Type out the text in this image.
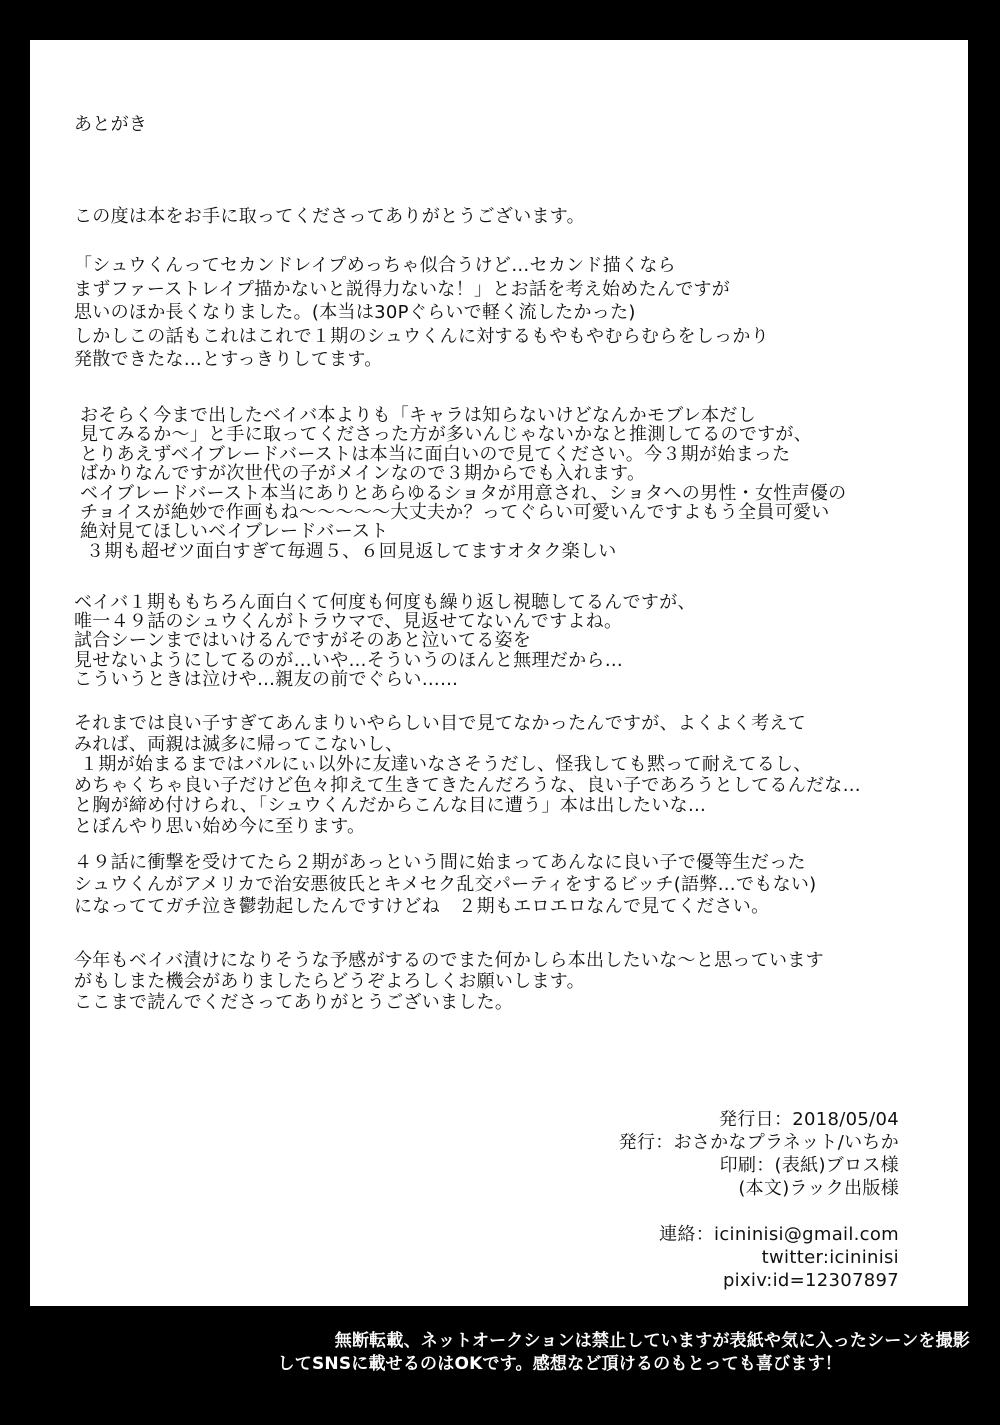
あとがき

この度は本をお手に取ってくださってありがとうございます。

「シュウくんってセカンドレイプめっちゃ似合うけど…セカンド描くなら
まずファーストレイプ描かないと説得力ないな！」とお話を考え始めたんですが
思いのほか長くなりました。(本当は30Pぐらいで軽く流したかった)
しかしこの話もこれはこれで１期のシュウくんに対するもやもやむらむらをしっかり
発散できたな…とすっきりしてます。

おそらく今まで出したベイバ本よりも「キャラは知らないけどなんかモブレ本だし
見てみるか～」と手に取ってくださった方が多いんじゃないかなと推測してるのですが、
とりあえずベイブレードバーストは本当に面白いので見てください。今３期が始まった
ばかりなんですが次世代の子がメインなので３期からでも入れます。
ベイブレードバースト本当にありとあらゆるショタが用意され、ショタへの男性・女性声優の
チョイスが絶妙で作画もね～～～～～大丈夫か？ってぐらい可愛いんですよもう全員可愛い
絶対見てほしいベイブレードバースト
３期も超ゼツ面白すぎて毎週５、６回見返してますオタク楽しい

ベイバ１期ももちろん面白くて何度も何度も繰り返し視聴してるんですが、
唯一４９話のシュウくんがトラウマで、見返せてないんですよね。
試合シーンまではいけるんですがそのあと泣いてる姿を
見せないようにしてるのが…いや…そういうのほんと無理だから…
こういうときは泣けや…親友の前でぐらい……

それまでは良い子すぎてあんまりいやらしい目で見てなかったんですが、よくよく考えて
みれば、両親は滅多に帰ってこないし、
１期が始まるまではバルにぃ以外に友達いなさそうだし、怪我しても黙って耐えてるし、
めちゃくちゃ良い子だけど色々抑えて生きてきたんだろうな、良い子であろうとしてるんだな…
と胸が締め付けられ、「シュウくんだからこんな目に遭う」本は出したいな…
とぼんやり思い始め今に至ります。

４９話に衝撃を受けてたら２期があっという間に始まってあんなに良い子で優等生だった
シュウくんがアメリカで治安悪彼氏とキメセク乱交パーティをするビッチ(語弊…でもない)
になっててガチ泣き鬱勃起したんですけどね　２期もエロエロなんで見てください。

今年もベイバ漬けになりそうな予感がするのでまた何かしら本出したいな～と思っています
がもしまた機会がありましたらどうぞよろしくお願いします。
ここまで読んでくださってありがとうございました。

発行日：2018/05/04
発行：おさかなプラネット/いちか
印刷：(表紙)ブロス様
(本文)ラック出版様
連絡：icininisi@gmail.com
twitter:icininisi
pixiv:id=12307897
無断転載、ネットオークションは禁止していますが表紙や気に入ったシーンを撮影
してSNSに載せるのはOKです。感想など頂けるのもとっても喜びます！
